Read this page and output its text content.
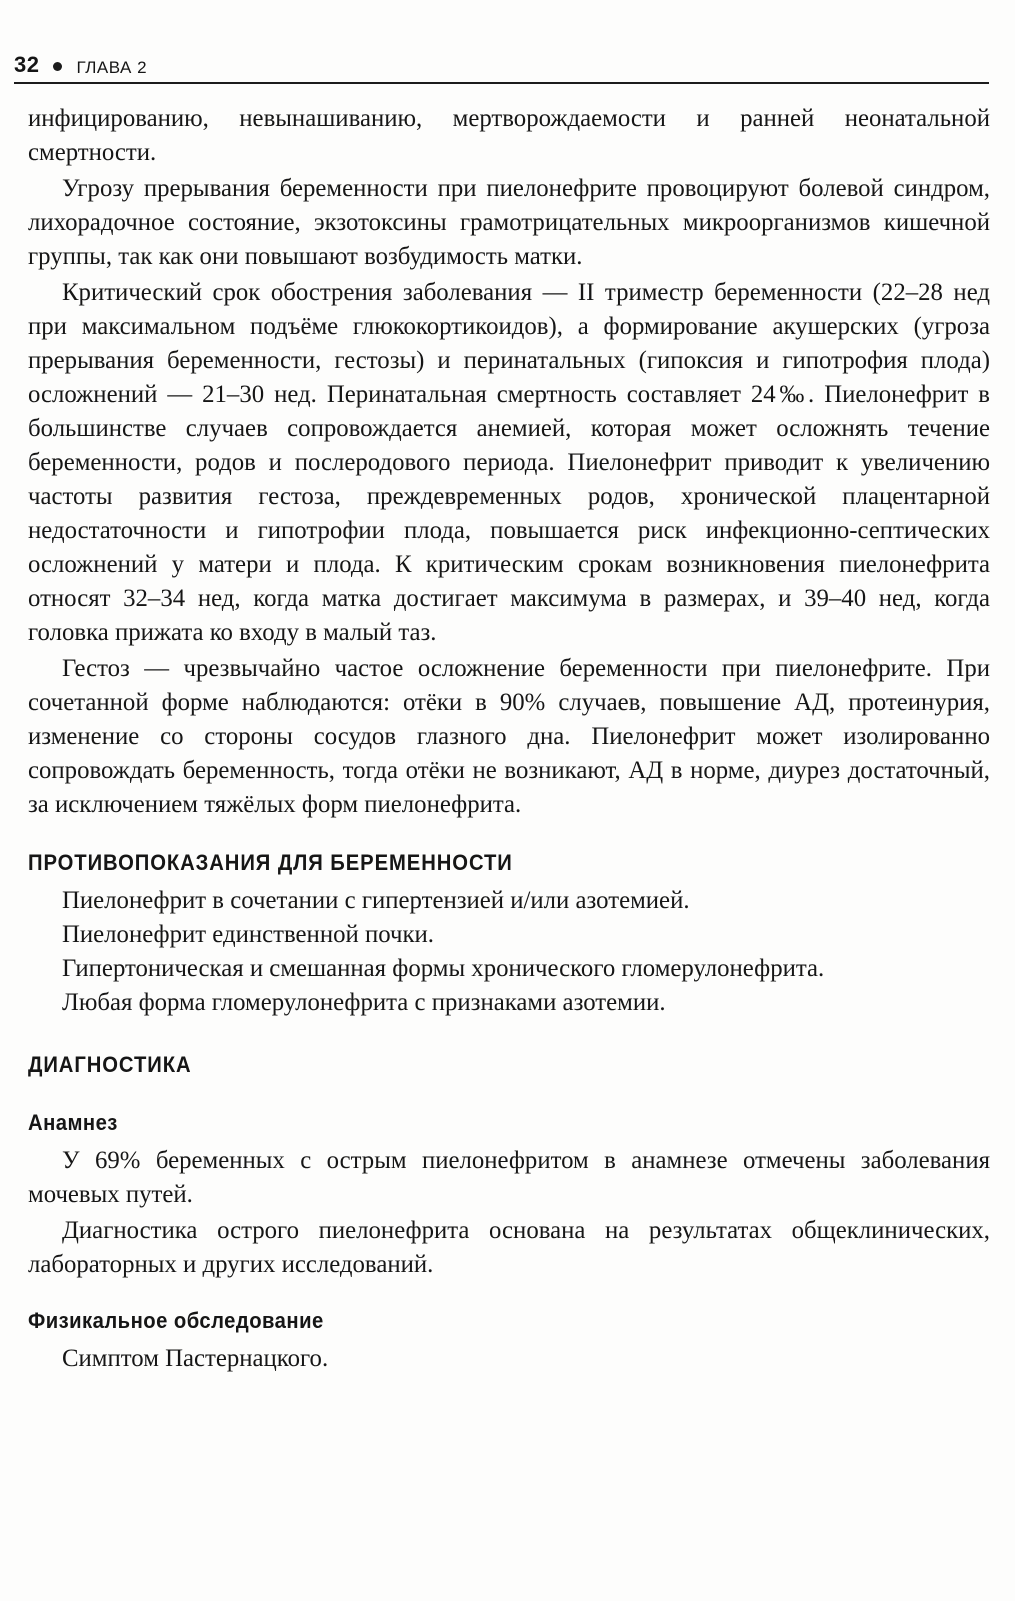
32 ГЛАВА 2

инфицированию, невынашиванию, мертворождаемости и ранней неонатальной смертности.

Угрозу прерывания беременности при пиелонефрите провоцируют болевой синдром, лихорадочное состояние, экзотоксины грамотрицательных микроорганизмов кишечной группы, так как они повышают возбудимость матки.

Критический срок обострения заболевания — II триместр беременности (22–28 нед при максимальном подъёме глюкокортикоидов), а формирование акушерских (угроза прерывания беременности, гестозы) и перинатальных (гипоксия и гипотрофия плода) осложнений — 21–30 нед. Перинатальная смертность составляет 24‰. Пиелонефрит в большинстве случаев сопровождается анемией, которая может осложнять течение беременности, родов и послеродового периода. Пиелонефрит приводит к увеличению частоты развития гестоза, преждевременных родов, хронической плацентарной недостаточности и гипотрофии плода, повышается риск инфекционно-септических осложнений у матери и плода. К критическим срокам возникновения пиелонефрита относят 32–34 нед, когда матка достигает максимума в размерах, и 39–40 нед, когда головка прижата ко входу в малый таз.

Гестоз — чрезвычайно частое осложнение беременности при пиелонефрите. При сочетанной форме наблюдаются: отёки в 90% случаев, повышение АД, протеинурия, изменение со стороны сосудов глазного дна. Пиелонефрит может изолированно сопровождать беременность, тогда отёки не возникают, АД в норме, диурез достаточный, за исключением тяжёлых форм пиелонефрита.

ПРОТИВОПОКАЗАНИЯ ДЛЯ БЕРЕМЕННОСТИ
Пиелонефрит в сочетании с гипертензией и/или азотемией.
Пиелонефрит единственной почки.
Гипертоническая и смешанная формы хронического гломерулонефрита.
Любая форма гломерулонефрита с признаками азотемии.
ДИАГНОСТИКА
Анамнез

У 69% беременных с острым пиелонефритом в анамнезе отмечены заболевания мочевых путей.

Диагностика острого пиелонефрита основана на результатах общеклинических, лабораторных и других исследований.

Физикальное обследование

Симптом Пастернацкого.
